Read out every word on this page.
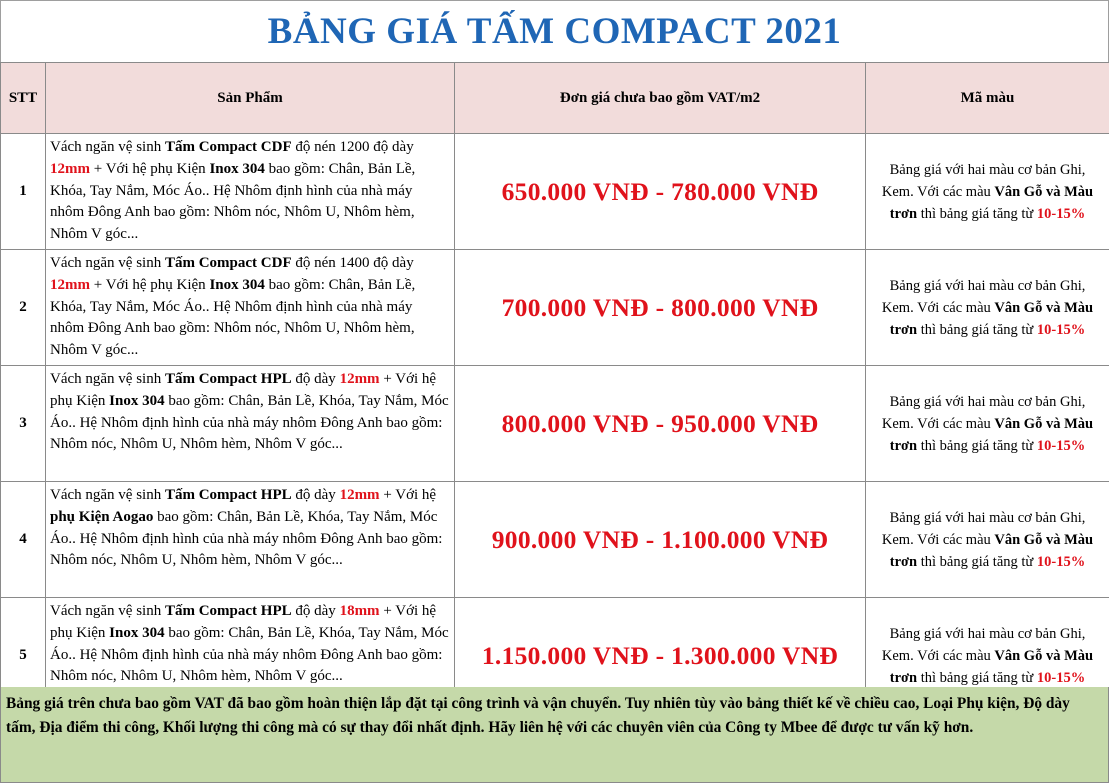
BẢNG GIÁ TẤM COMPACT 2021
STT	Sản Phẩm	Đơn giá chưa bao gồm VAT/m2	Mã màu
1	Vách ngăn vệ sinh Tấm Compact CDF độ nén 1200 độ dày 12mm + Với hệ phụ Kiện Inox 304 bao gồm: Chân, Bản Lề, Khóa, Tay Nắm, Móc Áo.. Hệ Nhôm định hình của nhà máy nhôm Đông Anh bao gồm: Nhôm nóc, Nhôm U, Nhôm hèm, Nhôm V góc...	650.000 VNĐ - 780.000 VNĐ	Bảng giá với hai màu cơ bản Ghi, Kem. Với các màu Vân Gỗ và Màu trơn thì bảng giá tăng từ 10-15%
2	Vách ngăn vệ sinh Tấm Compact CDF độ nén 1400 độ dày 12mm + Với hệ phụ Kiện Inox 304 bao gồm: Chân, Bản Lề, Khóa, Tay Nắm, Móc Áo.. Hệ Nhôm định hình của nhà máy nhôm Đông Anh bao gồm: Nhôm nóc, Nhôm U, Nhôm hèm, Nhôm V góc...	700.000 VNĐ - 800.000 VNĐ	Bảng giá với hai màu cơ bản Ghi, Kem. Với các màu Vân Gỗ và Màu trơn thì bảng giá tăng từ 10-15%
3	Vách ngăn vệ sinh Tấm Compact HPL độ dày 12mm + Với hệ phụ Kiện Inox 304 bao gồm: Chân, Bản Lề, Khóa, Tay Nắm, Móc Áo.. Hệ Nhôm định hình của nhà máy nhôm Đông Anh bao gồm: Nhôm nóc, Nhôm U, Nhôm hèm, Nhôm V góc...	800.000 VNĐ - 950.000 VNĐ	Bảng giá với hai màu cơ bản Ghi, Kem. Với các màu Vân Gỗ và Màu trơn thì bảng giá tăng từ 10-15%
4	Vách ngăn vệ sinh Tấm Compact HPL độ dày 12mm + Với hệ phụ Kiện Aogao bao gồm: Chân, Bản Lề, Khóa, Tay Nắm, Móc Áo.. Hệ Nhôm định hình của nhà máy nhôm Đông Anh bao gồm: Nhôm nóc, Nhôm U, Nhôm hèm, Nhôm V góc...	900.000 VNĐ - 1.100.000 VNĐ	Bảng giá với hai màu cơ bản Ghi, Kem. Với các màu Vân Gỗ và Màu trơn thì bảng giá tăng từ 10-15%
5	Vách ngăn vệ sinh Tấm Compact HPL độ dày 18mm + Với hệ phụ Kiện Inox 304 bao gồm: Chân, Bản Lề, Khóa, Tay Nắm, Móc Áo.. Hệ Nhôm định hình của nhà máy nhôm Đông Anh bao gồm: Nhôm nóc, Nhôm U, Nhôm hèm, Nhôm V góc...	1.150.000 VNĐ - 1.300.000 VNĐ	Bảng giá với hai màu cơ bản Ghi, Kem. Với các màu Vân Gỗ và Màu trơn thì bảng giá tăng từ 10-15%
Bảng giá trên chưa bao gồm VAT đã bao gồm hoàn thiện lắp đặt tại công trình và vận chuyển. Tuy nhiên tùy vào bảng thiết kế về chiều cao, Loại Phụ kiện, Độ dày tấm, Địa điểm thi công, Khối lượng thi công mà có sự thay đổi nhất định. Hãy liên hệ với các chuyên viên của Công ty Mbee để được tư vấn kỹ hơn.
